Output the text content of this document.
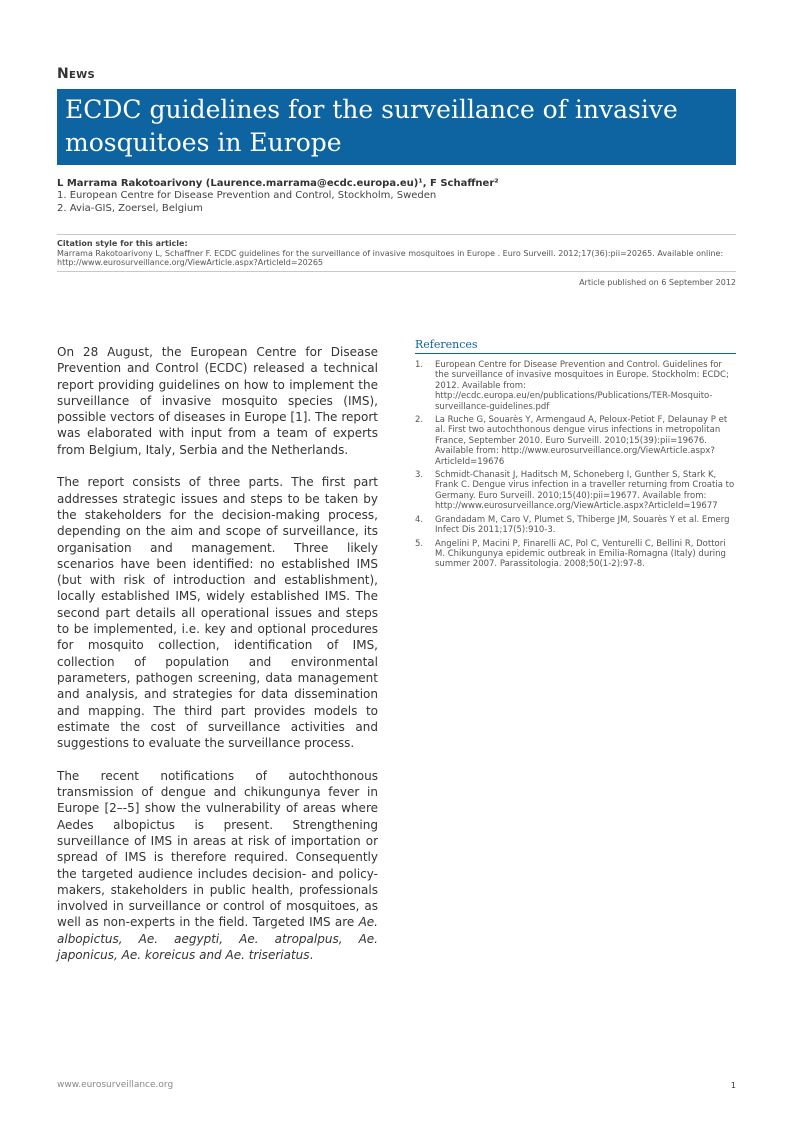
News
ECDC guidelines for the surveillance of invasive mosquitoes in Europe
L Marrama Rakotoarivony (Laurence.marrama@ecdc.europa.eu)¹, F Schaffner²
1. European Centre for Disease Prevention and Control, Stockholm, Sweden
2. Avia-GIS, Zoersel, Belgium
Citation style for this article:
Marrama Rakotoarivony L, Schaffner F. ECDC guidelines for the surveillance of invasive mosquitoes in Europe . Euro Surveill. 2012;17(36):pii=20265. Available online: http://www.eurosurveillance.org/ViewArticle.aspx?ArticleId=20265
Article published on 6 September 2012

On 28 August, the European Centre for Disease Prevention and Control (ECDC) released a technical report providing guidelines on how to implement the surveillance of invasive mosquito species (IMS), possible vectors of diseases in Europe [1]. The report was elaborated with input from a team of experts from Belgium, Italy, Serbia and the Netherlands.

The report consists of three parts. The first part addresses strategic issues and steps to be taken by the stakeholders for the decision-making process, depending on the aim and scope of surveillance, its organisation and management. Three likely scenarios have been identified: no established IMS (but with risk of introduction and establishment), locally established IMS, widely established IMS. The second part details all operational issues and steps to be implemented, i.e. key and optional procedures for mosquito collection, identification of IMS, collection of population and environmental parameters, pathogen screening, data management and analysis, and strategies for data dissemination and mapping. The third part provides models to estimate the cost of surveillance activities and suggestions to evaluate the surveillance process.

The recent notifications of autochthonous transmission of dengue and chikungunya fever in Europe [2–-5] show the vulnerability of areas where Aedes albopictus is present. Strengthening surveillance of IMS in areas at risk of importation or spread of IMS is therefore required. Consequently the targeted audience includes decision- and policy-makers, stakeholders in public health, professionals involved in surveillance or control of mosquitoes, as well as non-experts in the field. Targeted IMS are Ae. albopictus, Ae. aegypti, Ae. atropalpus, Ae. japonicus, Ae. koreicus and Ae. triseriatus.

References
1. European Centre for Disease Prevention and Control. Guidelines for the surveillance of invasive mosquitoes in Europe. Stockholm: ECDC; 2012. Available from: http://ecdc.europa.eu/en/publications/Publications/TER-Mosquito-surveillance-guidelines.pdf
2. La Ruche G, Souarès Y, Armengaud A, Peloux-Petiot F, Delaunay P et al. First two autochthonous dengue virus infections in metropolitan France, September 2010. Euro Surveill. 2010;15(39):pii=19676. Available from: http://www.eurosurveillance.org/ViewArticle.aspx?ArticleId=19676
3. Schmidt-Chanasit J, Haditsch M, Schoneberg I, Gunther S, Stark K, Frank C. Dengue virus infection in a traveller returning from Croatia to Germany. Euro Surveill. 2010;15(40):pii=19677. Available from: http://www.eurosurveillance.org/ViewArticle.aspx?ArticleId=19677
4. Grandadam M, Caro V, Plumet S, Thiberge JM, Souarès Y et al. Emerg Infect Dis 2011;17(5):910-3.
5. Angelini P, Macini P, Finarelli AC, Pol C, Venturelli C, Bellini R, Dottori M. Chikungunya epidemic outbreak in Emilia-Romagna (Italy) during summer 2007. Parassitologia. 2008;50(1-2):97-8.
www.eurosurveillance.org	1
